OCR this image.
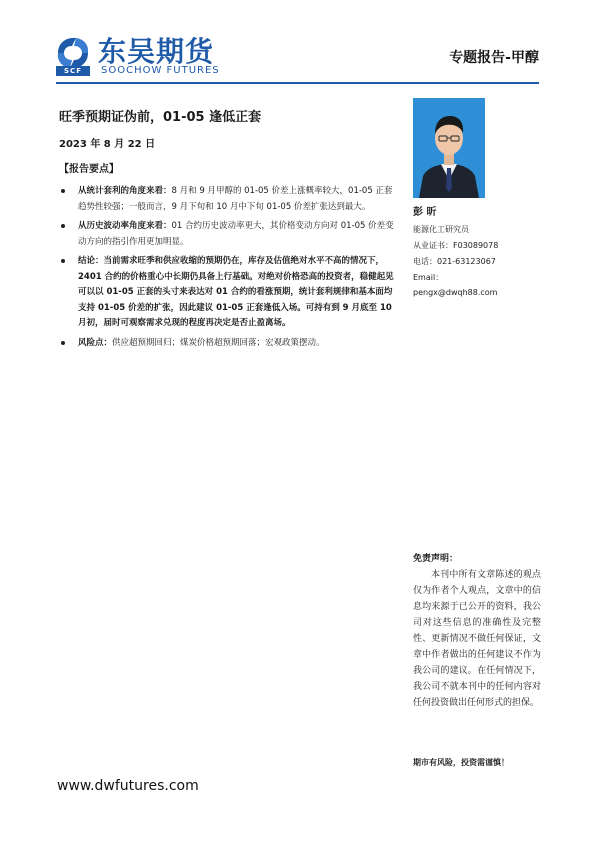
东吴期货
SCF	SOOCHOW FUTURES
专题报告-甲醇
旺季预期证伪前，01-05 逢低正套
2023 年 8 月 22 日
【报告要点】
从统计套利的角度来看：8 月和 9 月甲醇的 01-05 价差上涨概率较大，01-05 正套趋势性较强；一般而言，9 月下旬和 10 月中下旬 01-05 价差扩张达到最大。
从历史波动率角度来看：01 合约历史波动率更大，其价格变动方向对 01-05 价差变动方向的指引作用更加明显。
结论：当前需求旺季和供应收缩的预期仍在，库存及估值绝对水平不高的情况下，2401 合约的价格重心中长期仍具备上行基础。对绝对价格恐高的投资者，稳健起见可以以 01-05 正套的头寸来表达对 01 合约的看涨预期，统计套利规律和基本面均支持 01-05 价差的扩张，因此建议 01-05 正套逢低入场。可持有到 9 月底至 10 月初，届时可观察需求兑现的程度再决定是否止盈离场。
风险点：供应超预期回归；煤炭价格超预期回落；宏观政策摆动。
彭 昕
能源化工研究员
从业证书：F03089078
电话：021-63123067
Email：
pengx@dwqh88.com
免责声明：
本刊中所有文章陈述的观点仅为作者个人观点，文章中的信息均来源于已公开的资料，我公司对这些信息的准确性及完整性、更新情况不做任何保证，文章中作者做出的任何建议不作为我公司的建议。在任何情况下，我公司不就本刊中的任何内容对任何投资做出任何形式的担保。
期市有风险，投资需谨慎！
www.dwfutures.com
